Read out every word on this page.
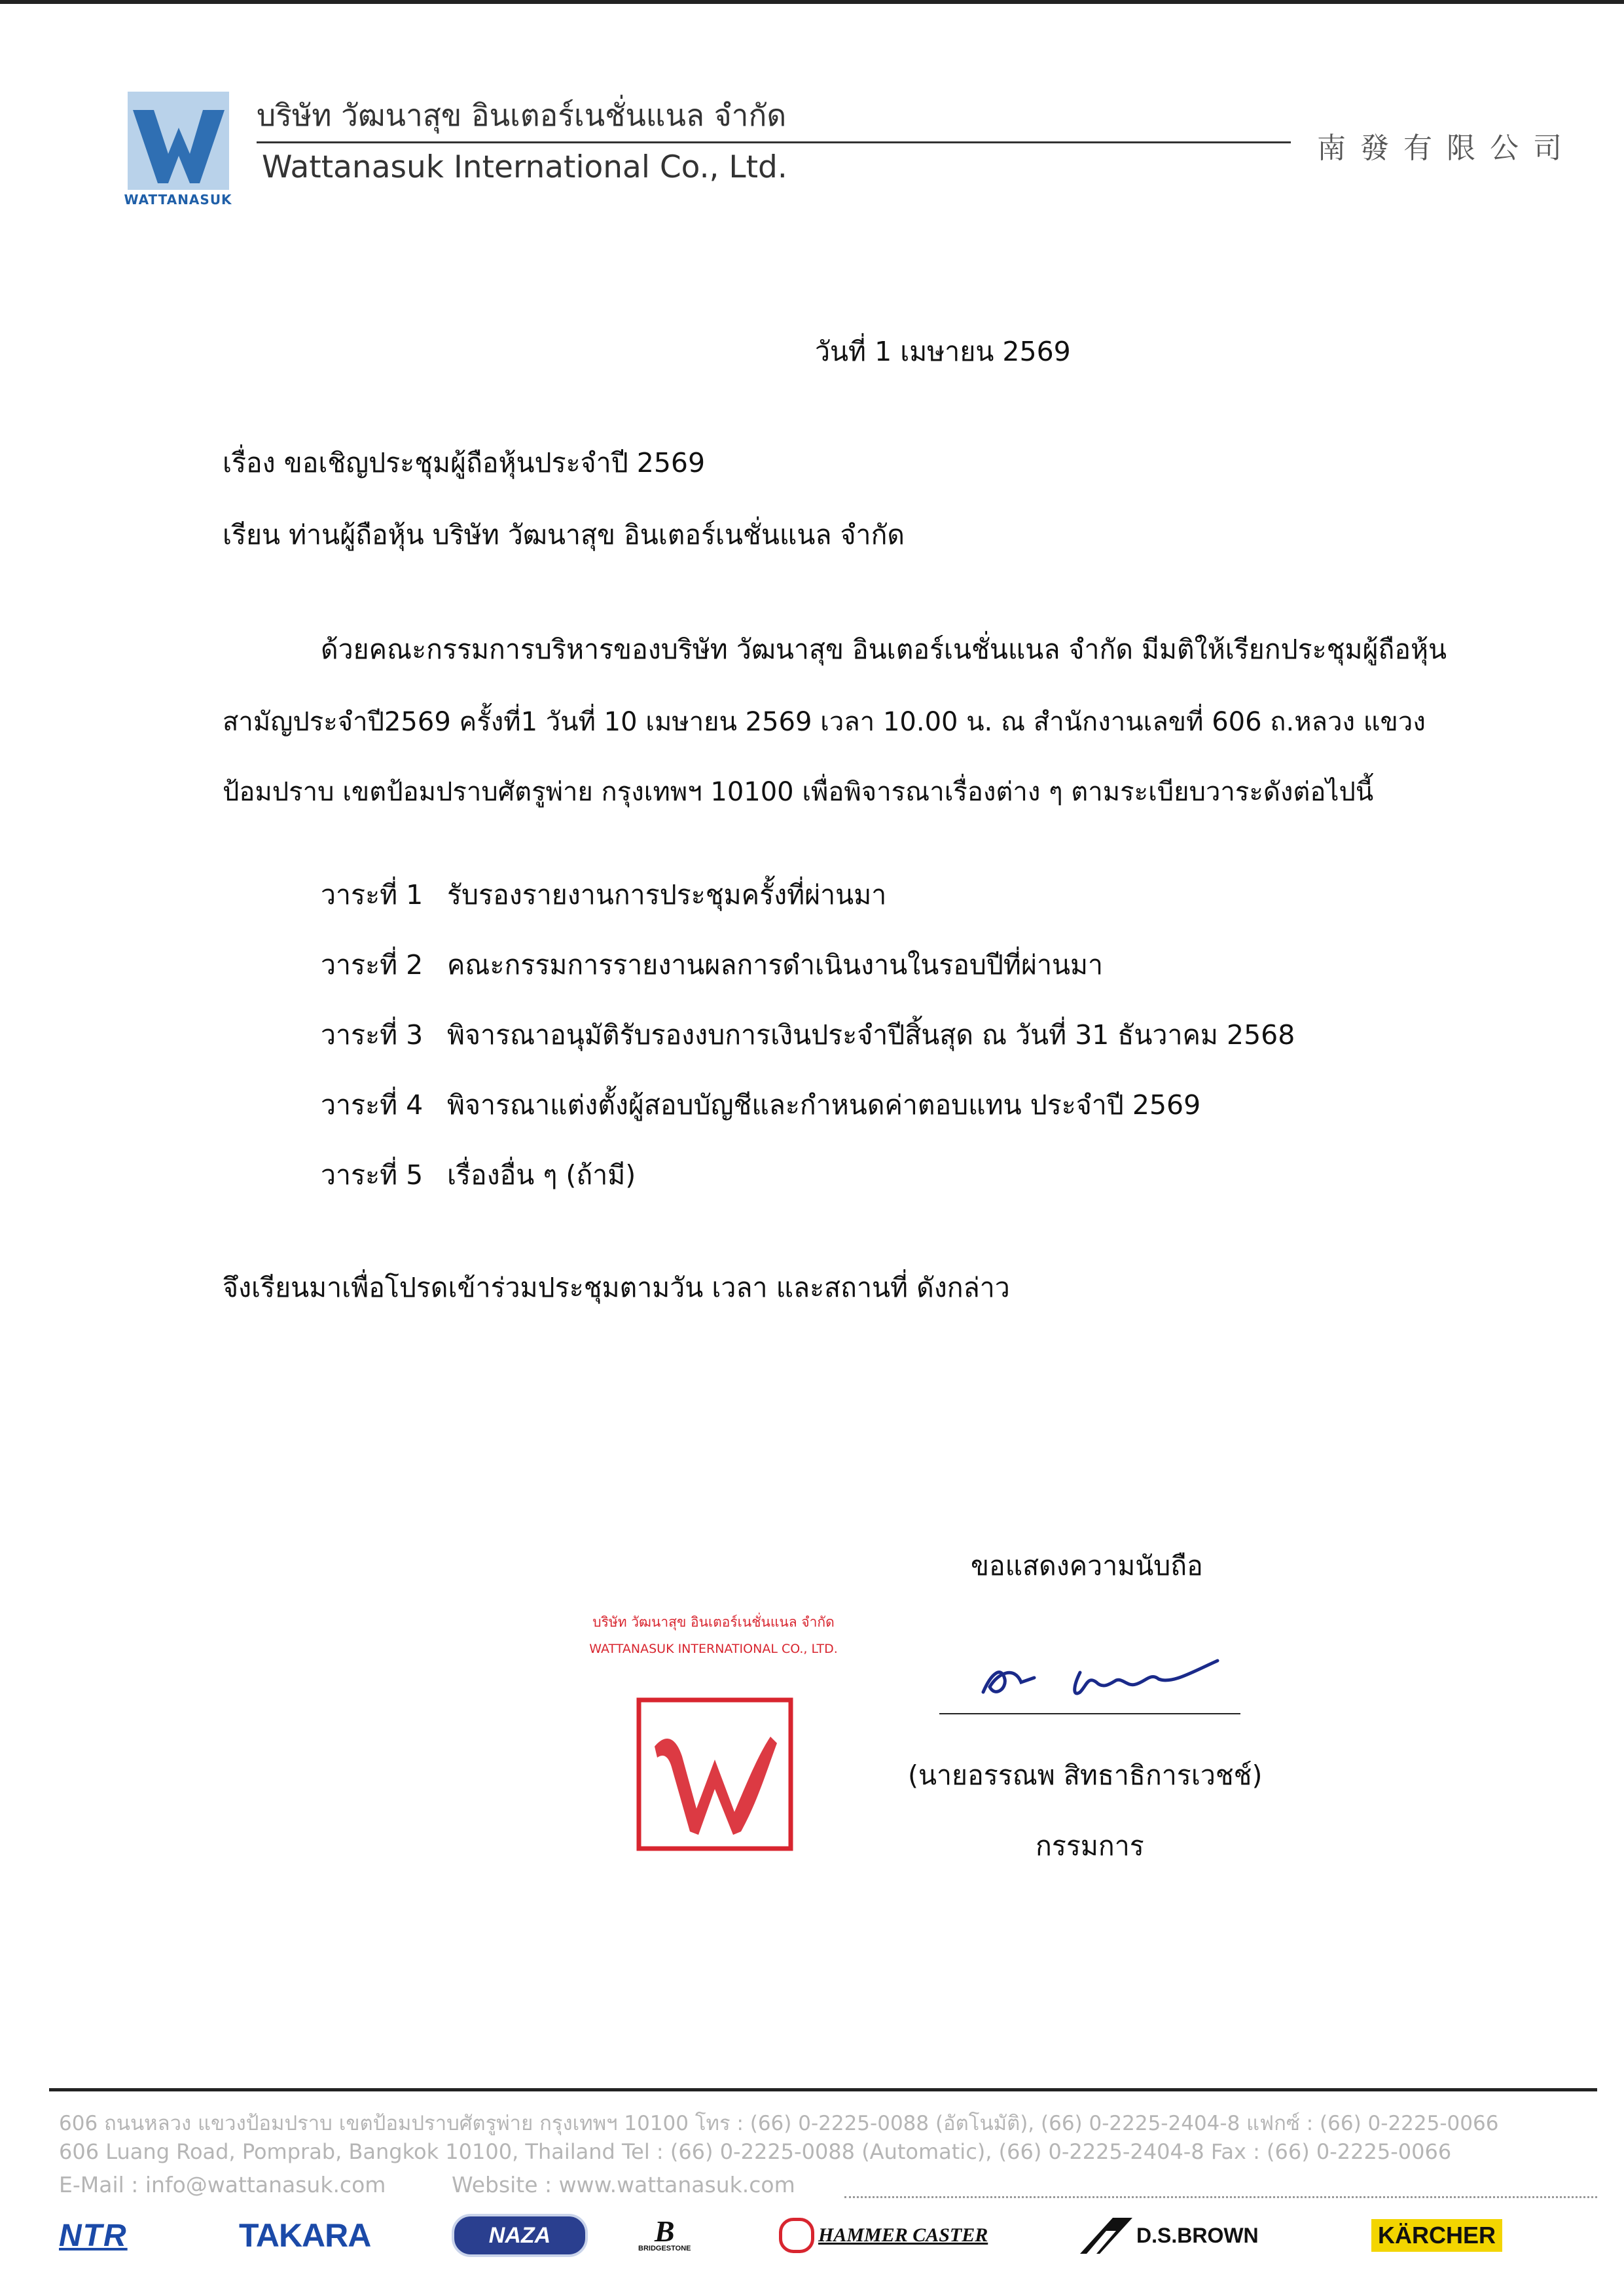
WATTANASUK
บริษัท วัฒนาสุข อินเตอร์เนชั่นแนล จำกัด
Wattanasuk International Co., Ltd.
南發有限公司
วันที่ 1 เมษายน 2569
เรื่อง ขอเชิญประชุมผู้ถือหุ้นประจำปี 2569
เรียน ท่านผู้ถือหุ้น บริษัท วัฒนาสุข อินเตอร์เนชั่นแนล จำกัด
ด้วยคณะกรรมการบริหารของบริษัท วัฒนาสุข อินเตอร์เนชั่นแนล จำกัด มีมติให้เรียกประชุมผู้ถือหุ้น
สามัญประจำปี2569 ครั้งที่1 วันที่ 10 เมษายน 2569 เวลา 10.00 น. ณ สำนักงานเลขที่ 606 ถ.หลวง แขวง
ป้อมปราบ เขตป้อมปราบศัตรูพ่าย กรุงเทพฯ 10100 เพื่อพิจารณาเรื่องต่าง ๆ ตามระเบียบวาระดังต่อไปนี้
วาระที่ 1 รับรองรายงานการประชุมครั้งที่ผ่านมา
วาระที่ 2 คณะกรรมการรายงานผลการดำเนินงานในรอบปีที่ผ่านมา
วาระที่ 3 พิจารณาอนุมัติรับรองงบการเงินประจำปีสิ้นสุด ณ วันที่ 31 ธันวาคม 2568
วาระที่ 4 พิจารณาแต่งตั้งผู้สอบบัญชีและกำหนดค่าตอบแทน ประจำปี 2569
วาระที่ 5 เรื่องอื่น ๆ (ถ้ามี)
จึงเรียนมาเพื่อโปรดเข้าร่วมประชุมตามวัน เวลา และสถานที่ ดังกล่าว
บริษัท วัฒนาสุข อินเตอร์เนชั่นแนล จำกัด
WATTANASUK INTERNATIONAL CO., LTD.
ขอแสดงความนับถือ
(นายอรรณพ สิทธาธิการเวชช์)
กรรมการ
606 ถนนหลวง แขวงป้อมปราบ เขตป้อมปราบศัตรูพ่าย กรุงเทพฯ 10100 โทร : (66) 0-2225-0088 (อัตโนมัติ), (66) 0-2225-2404-8 แฟกซ์ : (66) 0-2225-0066
606 Luang Road, Pomprab, Bangkok 10100, Thailand Tel : (66) 0-2225-0088 (Automatic), (66) 0-2225-2404-8 Fax : (66) 0-2225-0066
E-Mail : info@wattanasuk.com	Website : www.wattanasuk.com
NTR	TAKARA	NAZA	B
BRIDGESTONE
HAMMER CASTER	D.S.BROWN	KÄRCHER
